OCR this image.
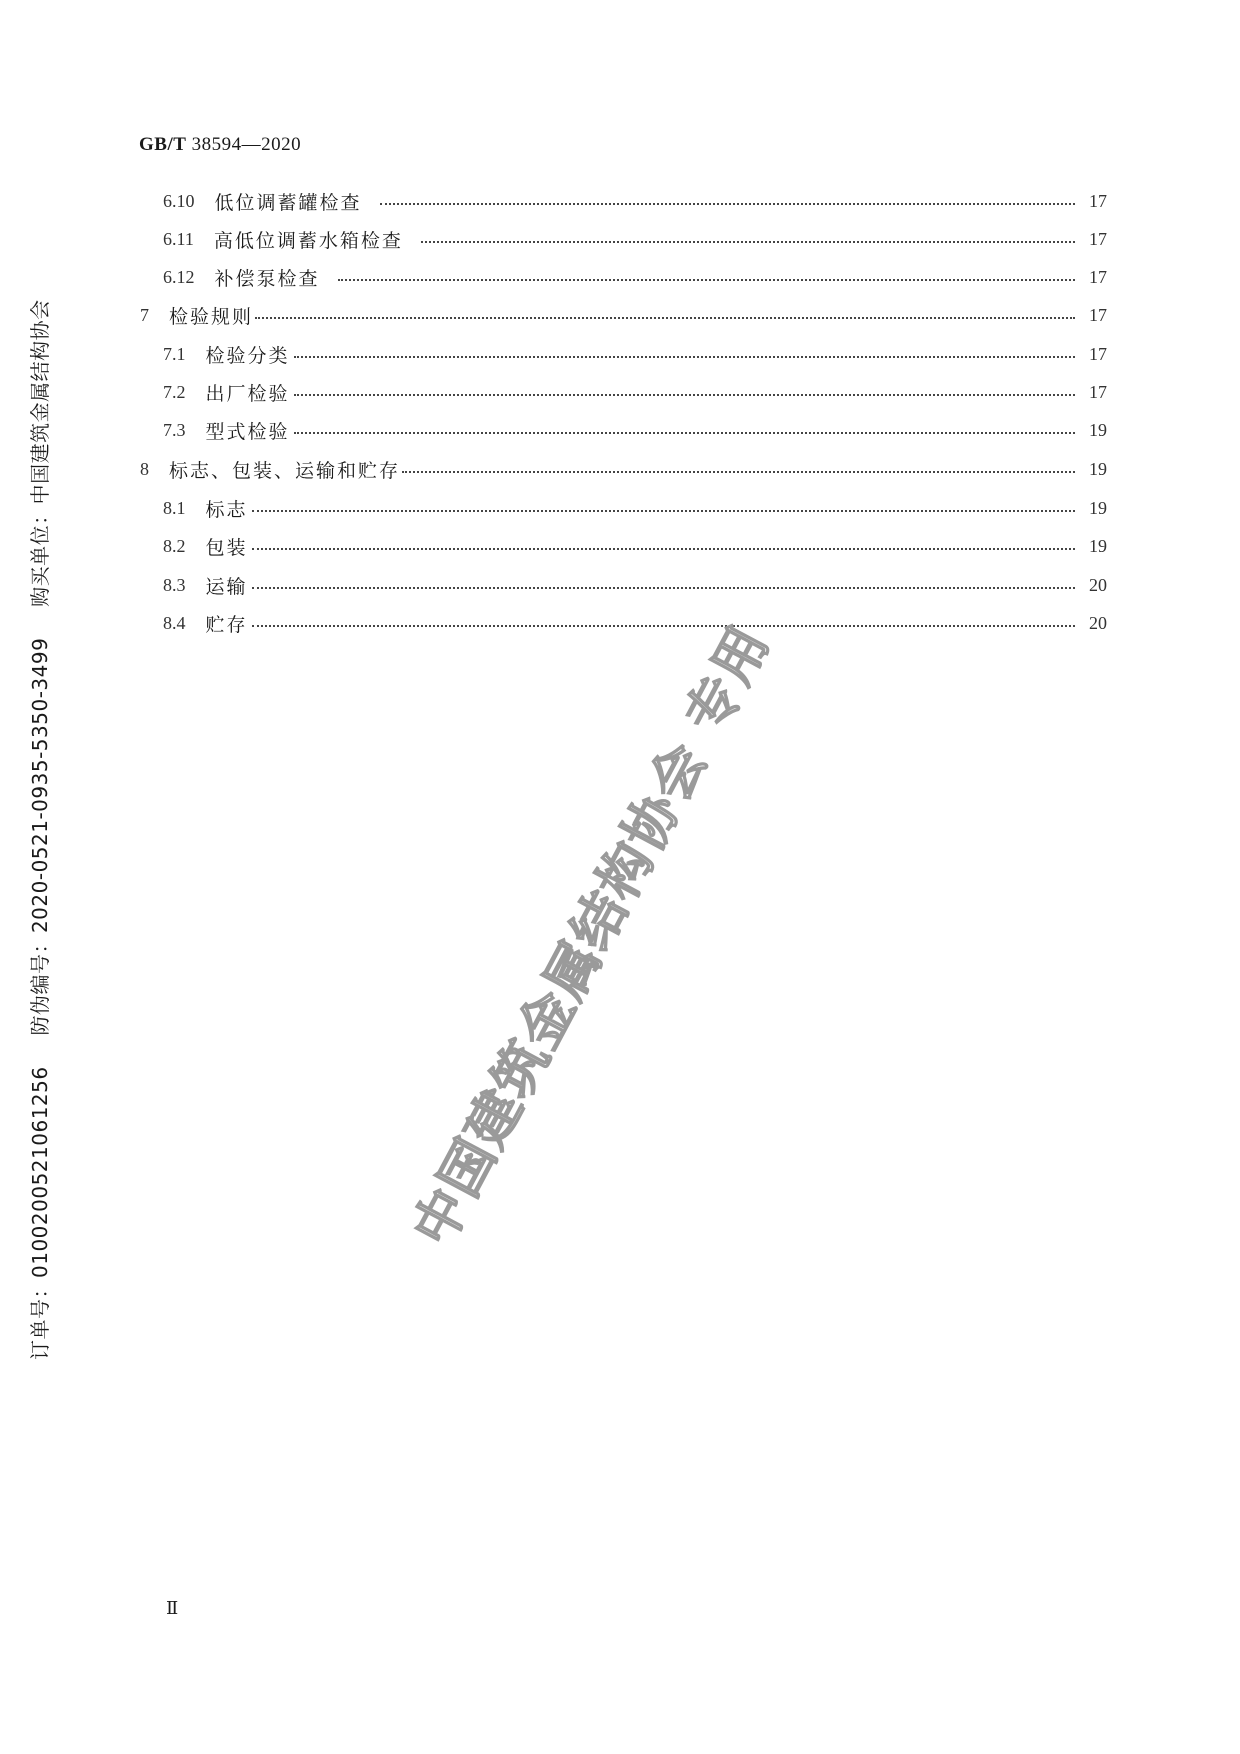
GB/T 38594—2020
6.10 低位调蓄罐检查	17
6.11 高低位调蓄水箱检查	17
6.12 补偿泵检查	17
7 检验规则	17
7.1 检验分类	17
7.2 出厂检验	17
7.3 型式检验	19
8 标志、包装、运输和贮存	19
8.1 标志	19
8.2 包装	19
8.3 运输	20
8.4 贮存	20
订单号：0100200521061256 防伪编号：2020-0521-0935-5350-3499 购买单位：中国建筑金属结构协会
中国建筑金属结构协会 专用
Ⅱ
